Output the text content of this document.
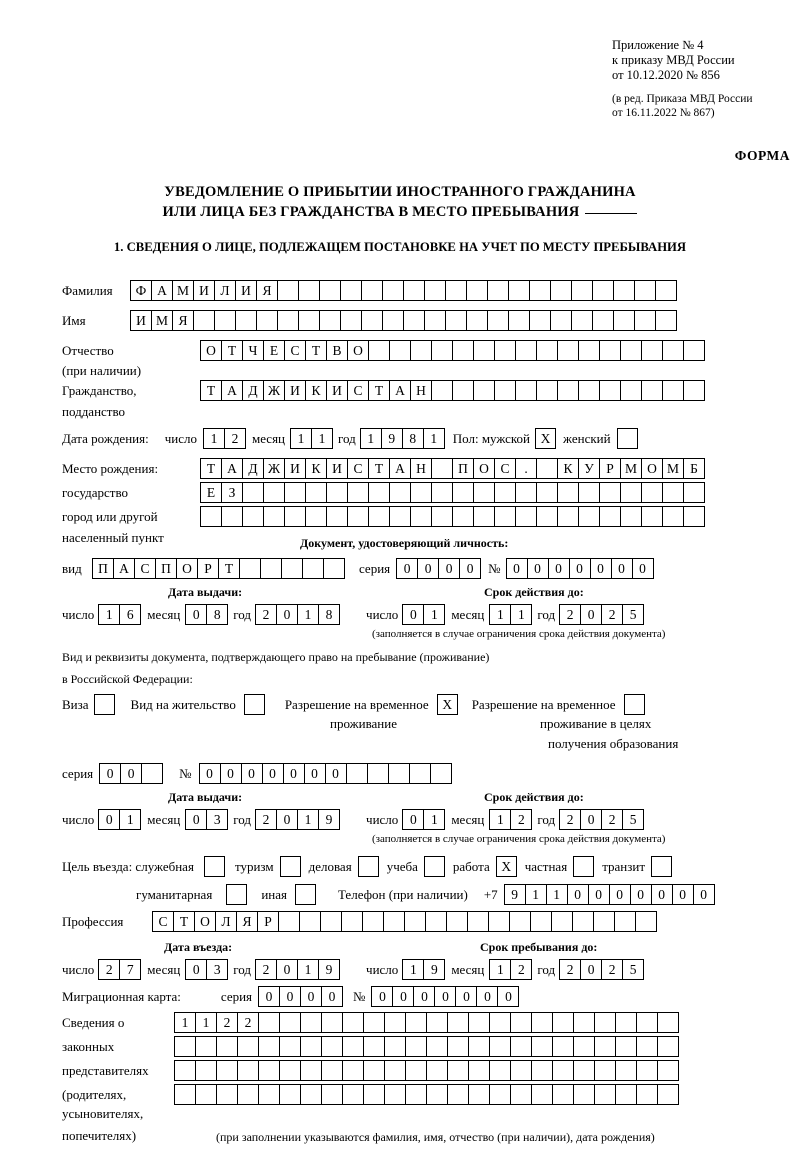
Приложение № 4
к приказу МВД России
от 10.12.2020 № 856
(в ред. Приказа МВД России
от 16.11.2022 № 867)
ФОРМА
УВЕДОМЛЕНИЕ О ПРИБЫТИИ ИНОСТРАННОГО ГРАЖДАНИНА
ИЛИ ЛИЦА БЕЗ ГРАЖДАНСТВА В МЕСТО ПРЕБЫВАНИЯ
1. СВЕДЕНИЯ О ЛИЦЕ, ПОДЛЕЖАЩЕМ ПОСТАНОВКЕ НА УЧЕТ ПО МЕСТУ ПРЕБЫВАНИЯ
Фамилия	Ф А М И Л И Я
Имя	И М Я
Отчество	О Т Ч Е С Т В О
(при наличии)
Гражданство,	Т А Д Ж И К И С Т А Н
подданство
Дата рождения: число	1	2	месяц 1	1 год 1	9	8	1	Пол: мужской X женский
Место рождения:	Т А Д Ж И К И С Т А Н	П О С	.	К У Р М О М Б
государство	Е З
город или другой
населенный пункт	Документ, удостоверяющий личность:
вид	П А С П О Р Т	серия	0	0	0	0	№ 0	0	0	0	0	0	0
Дата выдачи:	Срок действия до:
число 1	6	месяц 0	8 год 2	0	1	8	число 0	1	месяц 1	1 год 2	0	2	5
(заполняется в случае ограничения срока действия документа)
Вид и реквизиты документа, подтверждающего право на пребывание (проживание)
в Российской Федерации:
Виза	Вид на жительство	Разрешение на временное	X	Разрешение на временное
проживание	проживание в целях
получения образования
серия	0	0	№	0	0	0	0	0	0	0
Дата выдачи:	Срок действия до:
число 0	1	месяц 0	3 год 2	0	1	9	число 0	1	месяц 1	2 год 2	0	2	5
(заполняется в случае ограничения срока действия документа)
Цель въезда: служебная	туризм	деловая	учеба	работа X	частная	транзит
гуманитарная	иная	Телефон (при наличии) +7	9	1	1	0	0	0	0	0	0	0
Профессия	С Т О Л Я Р
Дата въезда:	Срок пребывания до:
число 2	7	месяц 0	3 год 2	0	1	9	число 1	9	месяц 1	2 год 2	0	2	5
Миграционная карта:	серия	0	0	0	0	№	0	0	0	0	0	0	0
Сведения о	1	1	2	2
законных
представителях
(родителях,
усыновителях,
попечителях)	(при заполнении указываются фамилия, имя, отчество (при наличии), дата рождения)
